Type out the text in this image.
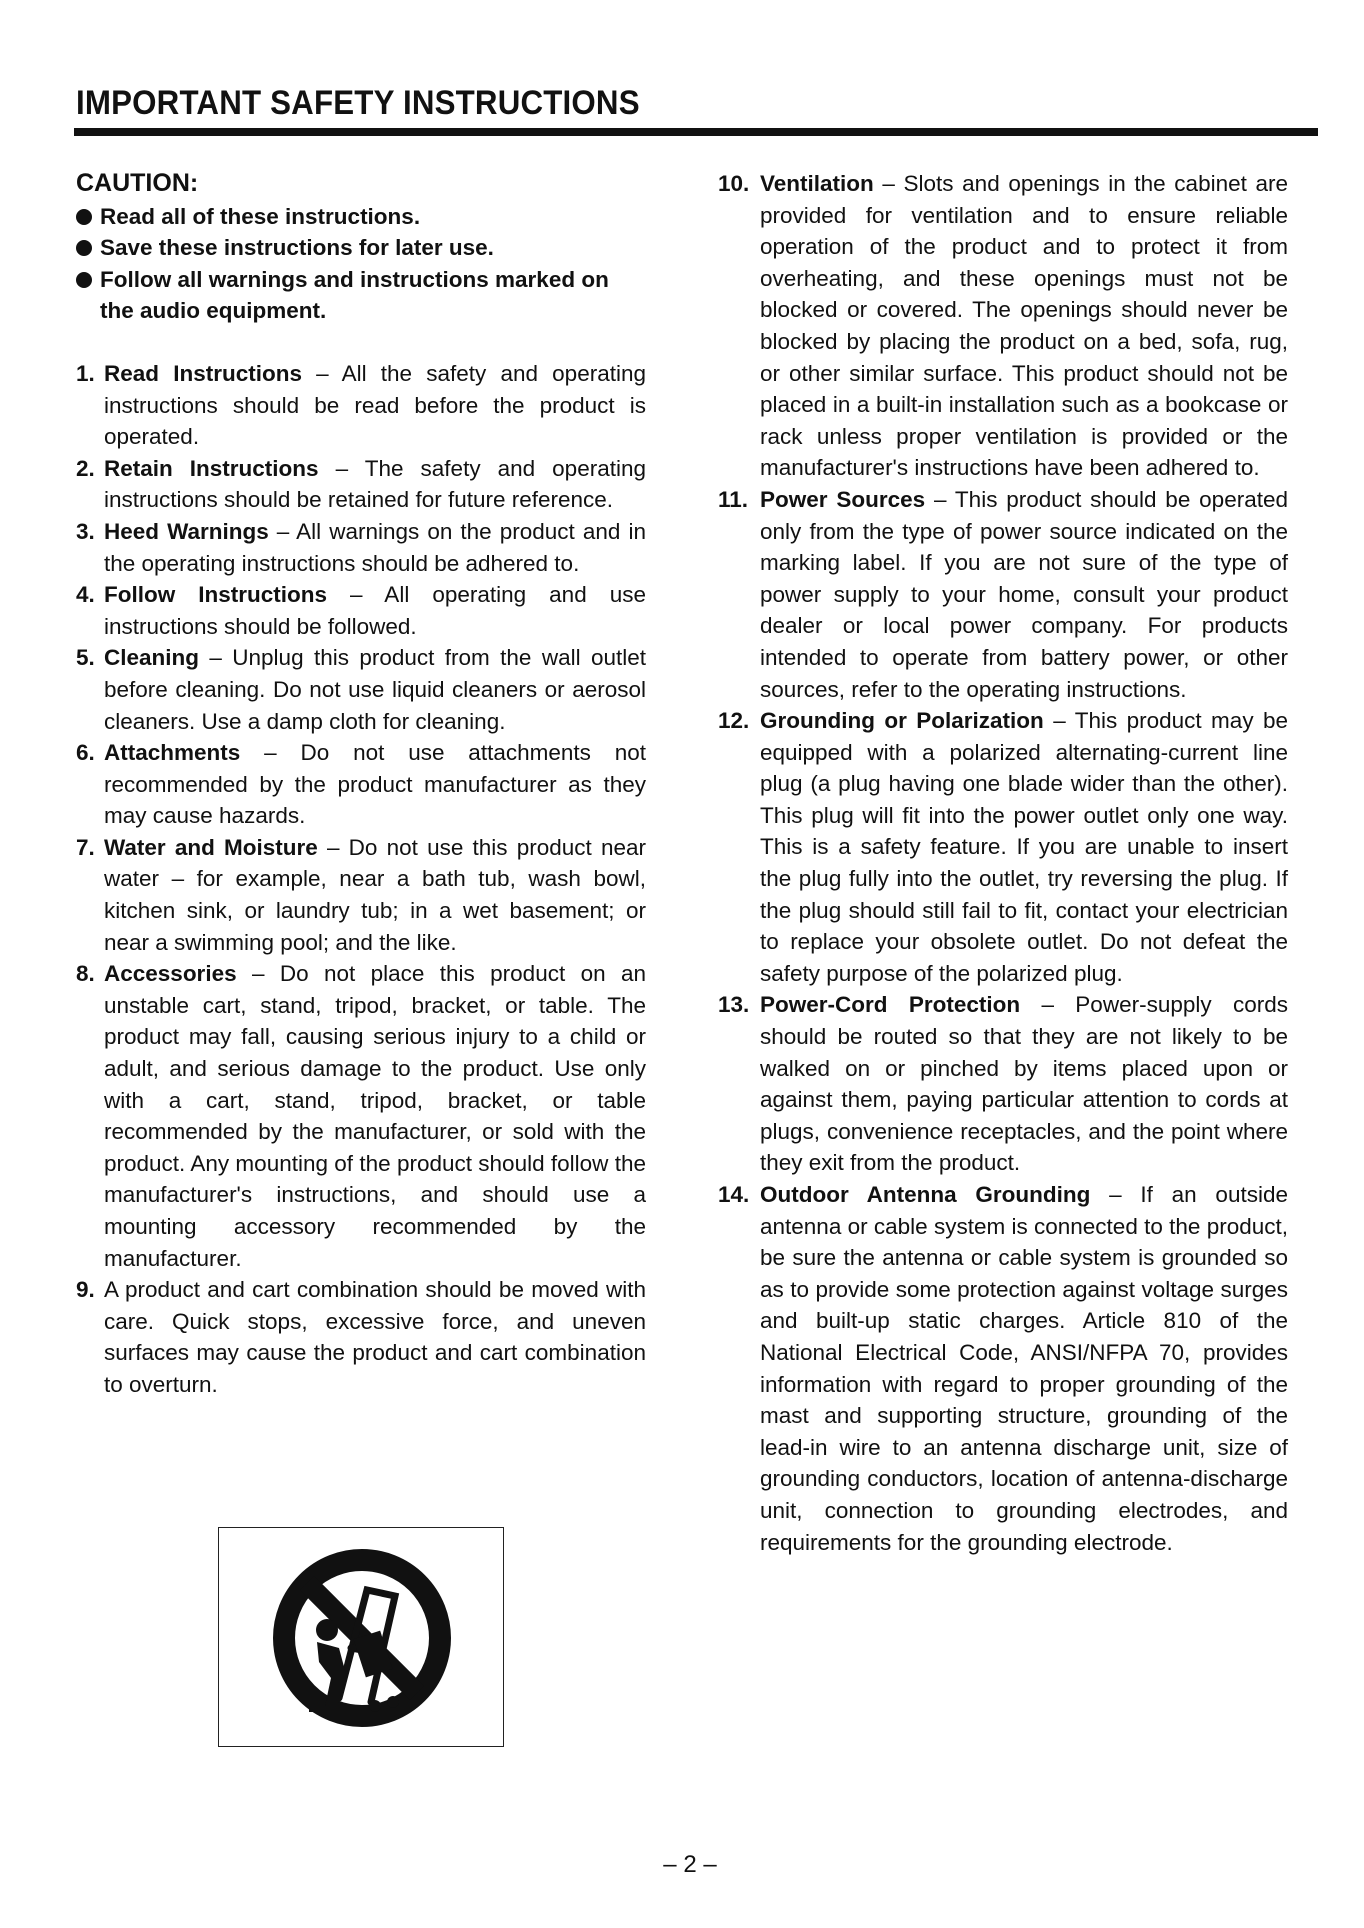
IMPORTANT SAFETY INSTRUCTIONS
CAUTION:
Read all of these instructions.
Save these instructions for later use.
Follow all warnings and instructions marked on the audio equipment.
1. Read Instructions – All the safety and operating instructions should be read before the product is operated.
2. Retain Instructions – The safety and operating instructions should be retained for future reference.
3. Heed Warnings – All warnings on the product and in the operating instructions should be adhered to.
4. Follow Instructions – All operating and use instructions should be followed.
5. Cleaning – Unplug this product from the wall outlet before cleaning. Do not use liquid cleaners or aerosol cleaners. Use a damp cloth for cleaning.
6. Attachments – Do not use attachments not recommended by the product manufacturer as they may cause hazards.
7. Water and Moisture – Do not use this product near water – for example, near a bath tub, wash bowl, kitchen sink, or laundry tub; in a wet basement; or near a swimming pool; and the like.
8. Accessories – Do not place this product on an unstable cart, stand, tripod, bracket, or table. The product may fall, causing serious injury to a child or adult, and serious damage to the product. Use only with a cart, stand, tripod, bracket, or table recommended by the manufacturer, or sold with the product. Any mounting of the product should follow the manufacturer's instructions, and should use a mounting accessory recommended by the manufacturer.
9. A product and cart combination should be moved with care. Quick stops, excessive force, and uneven surfaces may cause the product and cart combination to overturn.
10. Ventilation – Slots and openings in the cabinet are provided for ventilation and to ensure reliable operation of the product and to protect it from overheating, and these openings must not be blocked or covered. The openings should never be blocked by placing the product on a bed, sofa, rug, or other similar surface. This product should not be placed in a built-in installation such as a bookcase or rack unless proper ventilation is provided or the manufacturer's instructions have been adhered to.
11. Power Sources – This product should be operated only from the type of power source indicated on the marking label. If you are not sure of the type of power supply to your home, consult your product dealer or local power company. For products intended to operate from battery power, or other sources, refer to the operating instructions.
12. Grounding or Polarization – This product may be equipped with a polarized alternating-current line plug (a plug having one blade wider than the other). This plug will fit into the power outlet only one way. This is a safety feature. If you are unable to insert the plug fully into the outlet, try reversing the plug. If the plug should still fail to fit, contact your electrician to replace your obsolete outlet. Do not defeat the safety purpose of the polarized plug.
13. Power-Cord Protection – Power-supply cords should be routed so that they are not likely to be walked on or pinched by items placed upon or against them, paying particular attention to cords at plugs, convenience receptacles, and the point where they exit from the product.
14. Outdoor Antenna Grounding – If an outside antenna or cable system is connected to the product, be sure the antenna or cable system is grounded so as to provide some protection against voltage surges and built-up static charges. Article 810 of the National Electrical Code, ANSI/NFPA 70, provides information with regard to proper grounding of the mast and supporting structure, grounding of the lead-in wire to an antenna discharge unit, size of grounding conductors, location of antenna-discharge unit, connection to grounding electrodes, and requirements for the grounding electrode.
– 2 –
